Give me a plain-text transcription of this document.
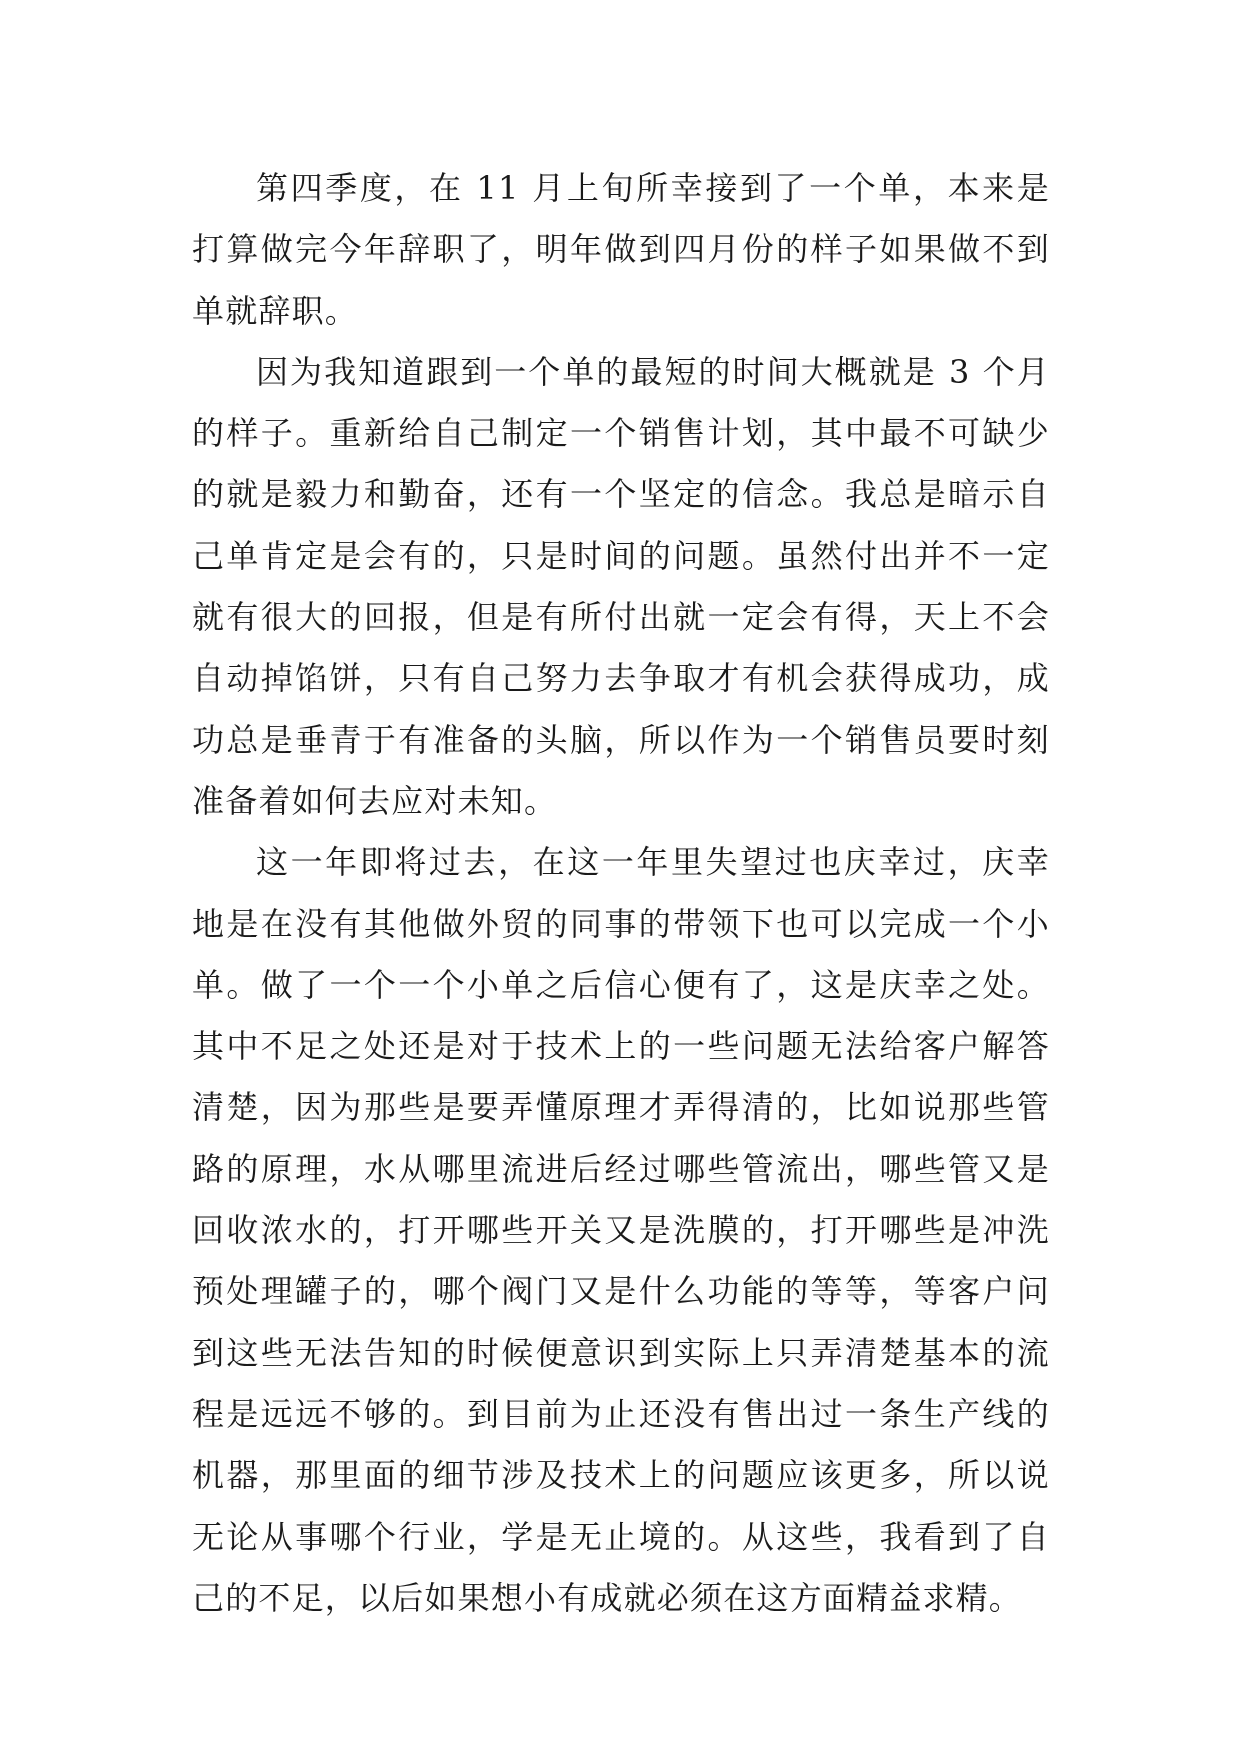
第四季度，在 11 月上旬所幸接到了一个单，本来是打算做完今年辞职了，明年做到四月份的样子如果做不到单就辞职。

因为我知道跟到一个单的最短的时间大概就是 3 个月的样子。重新给自己制定一个销售计划，其中最不可缺少的就是毅力和勤奋，还有一个坚定的信念。我总是暗示自己单肯定是会有的，只是时间的问题。虽然付出并不一定就有很大的回报，但是有所付出就一定会有得，天上不会自动掉馅饼，只有自己努力去争取才有机会获得成功，成功总是垂青于有准备的头脑，所以作为一个销售员要时刻准备着如何去应对未知。

这一年即将过去，在这一年里失望过也庆幸过，庆幸地是在没有其他做外贸的同事的带领下也可以完成一个小单。做了一个一个小单之后信心便有了，这是庆幸之处。其中不足之处还是对于技术上的一些问题无法给客户解答清楚，因为那些是要弄懂原理才弄得清的，比如说那些管路的原理，水从哪里流进后经过哪些管流出，哪些管又是回收浓水的，打开哪些开关又是洗膜的，打开哪些是冲洗预处理罐子的，哪个阀门又是什么功能的等等，等客户问到这些无法告知的时候便意识到实际上只弄清楚基本的流程是远远不够的。到目前为止还没有售出过一条生产线的机器，那里面的细节涉及技术上的问题应该更多，所以说无论从事哪个行业，学是无止境的。从这些，我看到了自己的不足，以后如果想小有成就必须在这方面精益求精。
